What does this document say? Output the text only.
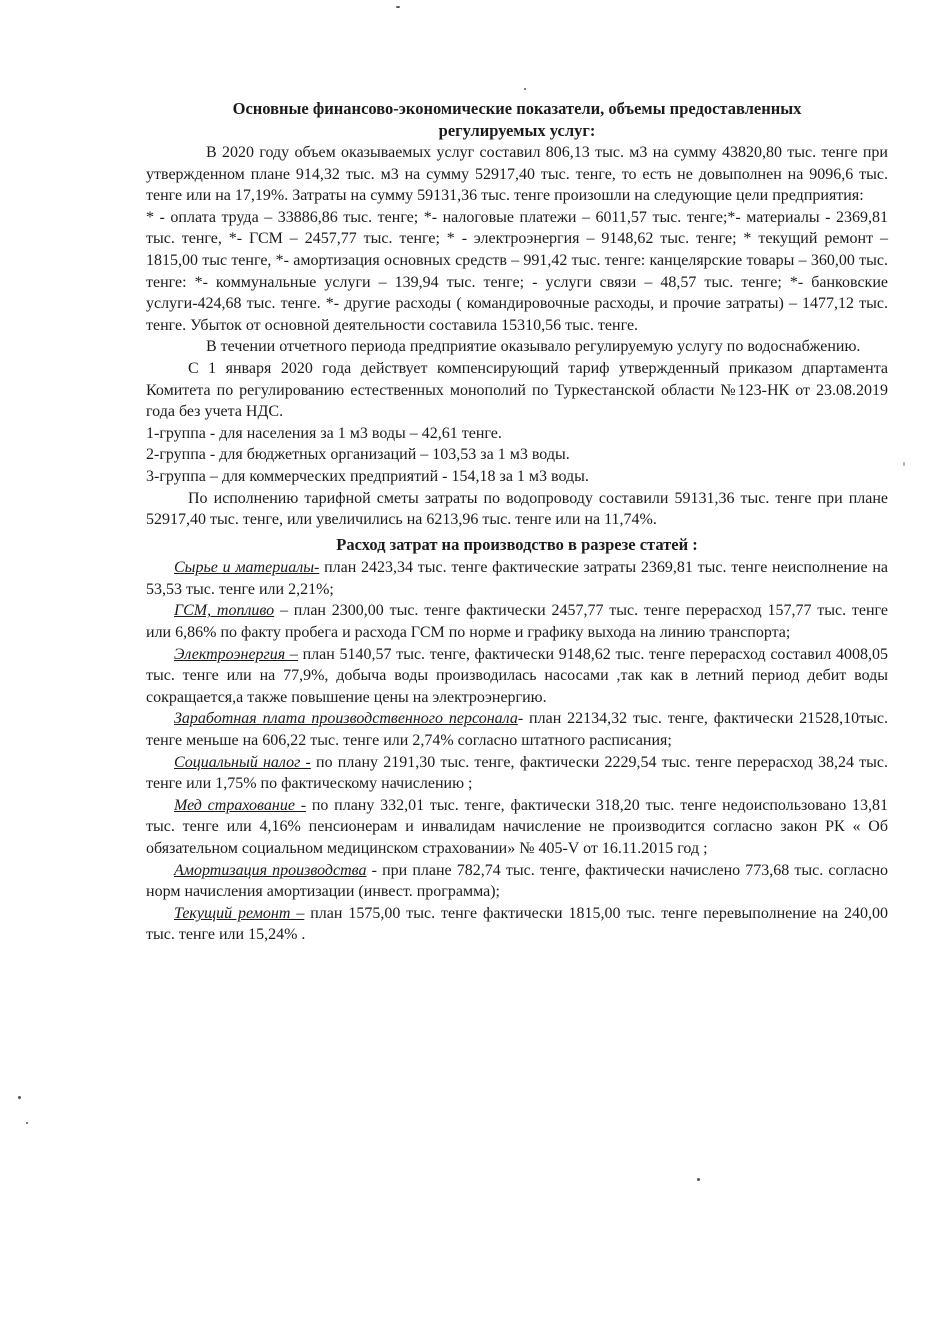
Основные финансово-экономические показатели, объемы предоставленных
регулируемых услуг:

В 2020 году объем оказываемых услуг составил 806,13 тыс. м3 на сумму 43820,80 тыс. тенге при утвержденном плане 914,32 тыс. м3 на сумму 52917,40 тыс. тенге, то есть не довыполнен на 9096,6 тыс. тенге или на 17,19%. Затраты на сумму 59131,36 тыс. тенге произошли на следующие цели предприятия:

* - оплата труда – 33886,86 тыс. тенге; *- налоговые платежи – 6011,57 тыс. тенге;*- материалы - 2369,81 тыс. тенге, *- ГСМ – 2457,77 тыс. тенге; * - электроэнергия – 9148,62 тыс. тенге; * текущий ремонт – 1815,00 тыс тенге, *- амортизация основных средств – 991,42 тыс. тенге: канцелярские товары – 360,00 тыс. тенге: *- коммунальные услуги – 139,94 тыс. тенге; - услуги связи – 48,57 тыс. тенге; *- банковские услуги-424,68 тыс. тенге. *- другие расходы ( командировочные расходы, и прочие затраты) – 1477,12 тыс. тенге. Убыток от основной деятельности составила 15310,56 тыс. тенге.

В течении отчетного периода предприятие оказывало регулируемую услугу по водоснабжению.

С 1 января 2020 года действует компенсирующий тариф утвержденный приказом дпартамента Комитета по регулированию естественных монополий по Туркестанской области №123-НК от 23.08.2019 года без учета НДС.

1-группа - для населения за 1 м3 воды – 42,61 тенге.

2-группа - для бюджетных организаций – 103,53 за 1 м3 воды.

3-группа – для коммерческих предприятий - 154,18 за 1 м3 воды.

По исполнению тарифной сметы затраты по водопроводу составили 59131,36 тыс. тенге при плане 52917,40 тыс. тенге, или увеличились на 6213,96 тыс. тенге или на 11,74%.

Расход затрат на производство в разрезе статей :

Сырье и материалы- план 2423,34 тыс. тенге фактические затраты 2369,81 тыс. тенге неисполнение на 53,53 тыс. тенге или 2,21%;

ГСМ, топливо – план 2300,00 тыс. тенге фактически 2457,77 тыс. тенге перерасход 157,77 тыс. тенге или 6,86% по факту пробега и расхода ГСМ по норме и графику выхода на линию транспорта;

Электроэнергия – план 5140,57 тыс. тенге, фактически 9148,62 тыс. тенге перерасход составил 4008,05 тыс. тенге или на 77,9%, добыча воды производилась насосами ,так как в летний период дебит воды сокращается,а также повышение цены на электроэнергию.

Заработная плата производственного персонала- план 22134,32 тыс. тенге, фактически 21528,10тыс. тенге меньше на 606,22 тыс. тенге или 2,74% согласно штатного расписания;

Социальный налог - по плану 2191,30 тыс. тенге, фактически 2229,54 тыс. тенге перерасход 38,24 тыс. тенге или 1,75% по фактическому начислению ;

Мед страхование - по плану 332,01 тыс. тенге, фактически 318,20 тыс. тенге недоиспользовано 13,81 тыс. тенге или 4,16% пенсионерам и инвалидам начисление не производится согласно закон РК « Об обязательном социальном медицинском страховании» № 405-V от 16.11.2015 год ;

Амортизация производства - при плане 782,74 тыс. тенге, фактически начислено 773,68 тыс. согласно норм начисления амортизации (инвест. программа);

Текущий ремонт – план 1575,00 тыс. тенге фактически 1815,00 тыс. тенге перевыполнение на 240,00 тыс. тенге или 15,24% .
